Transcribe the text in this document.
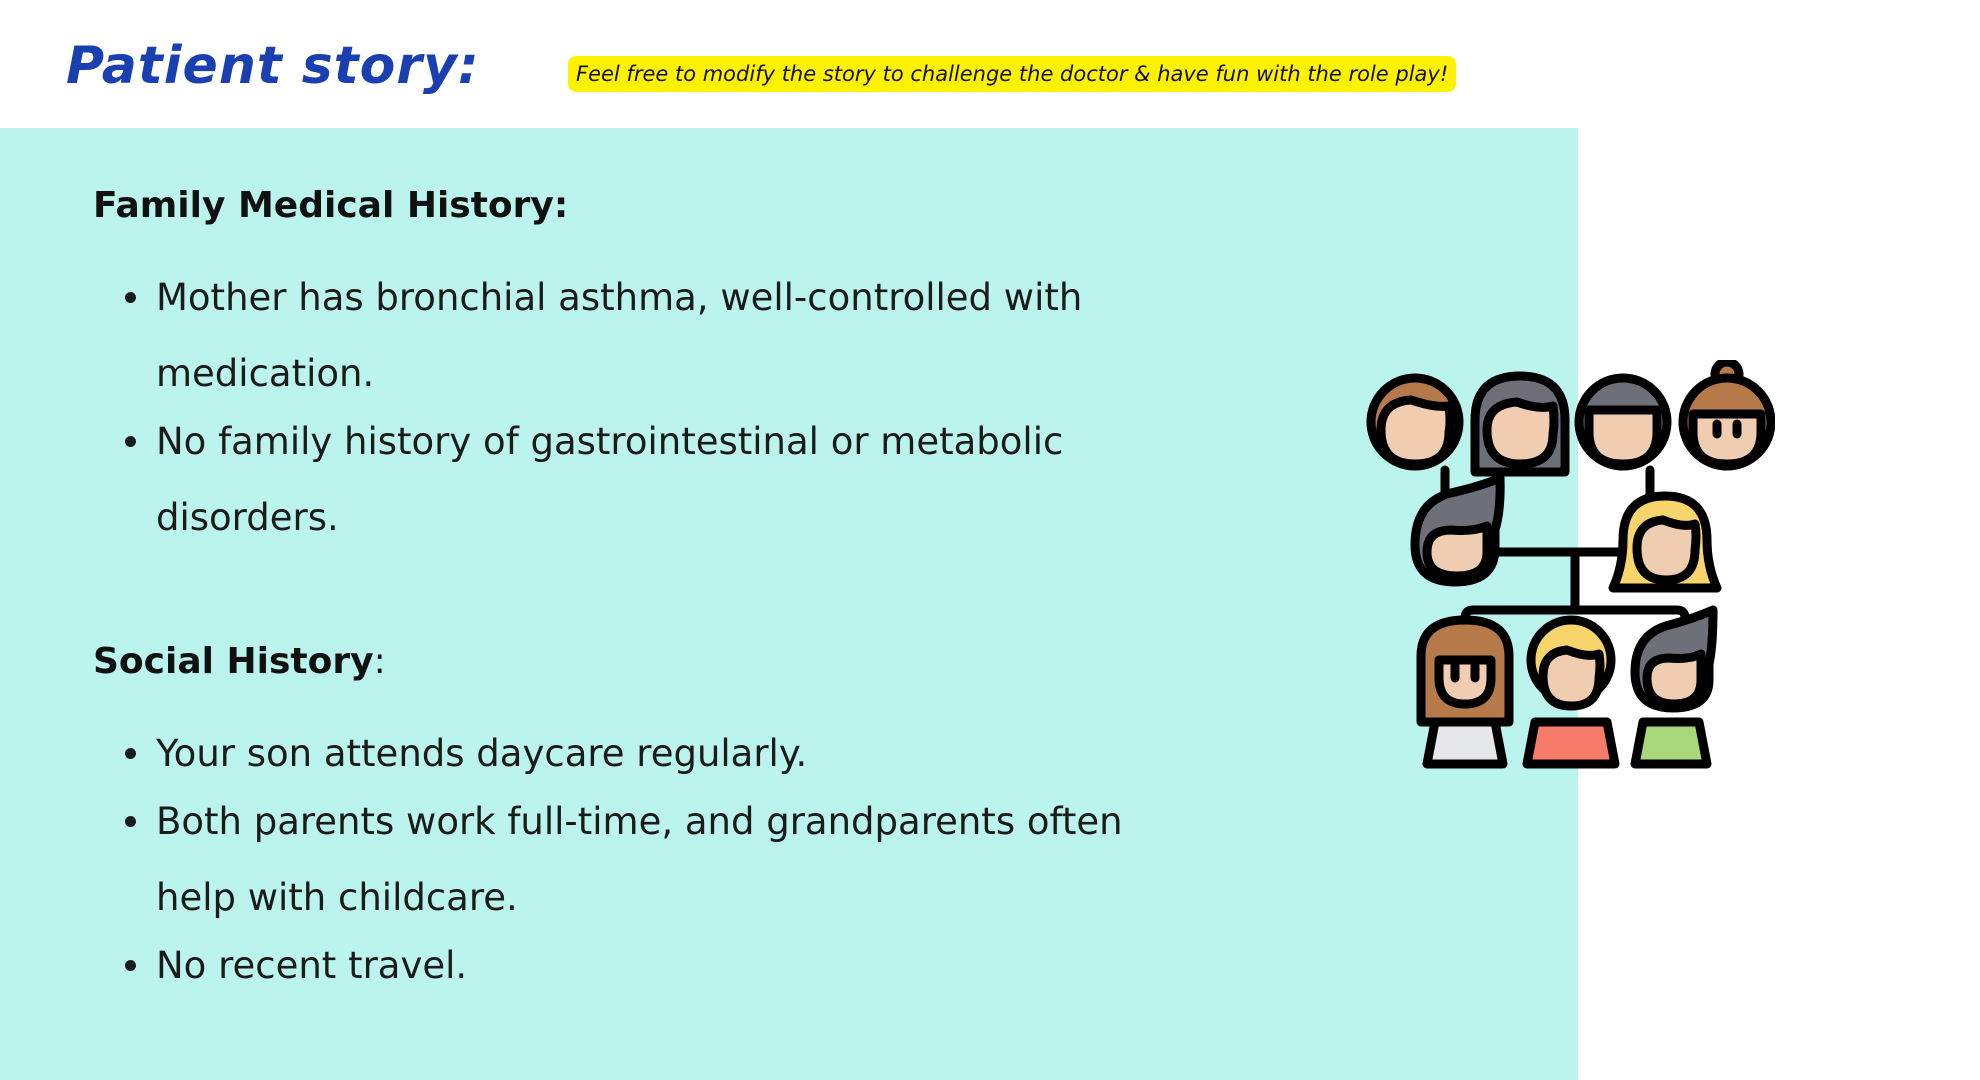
Patient story:	Feel free to modify the story to challenge the doctor & have fun with the role play!
Family Medical History:
Mother has bronchial asthma, well-controlled with medication.
No family history of gastrointestinal or metabolic disorders.
Social History:
Your son attends daycare regularly.
Both parents work full-time, and grandparents often help with childcare.
No recent travel.
